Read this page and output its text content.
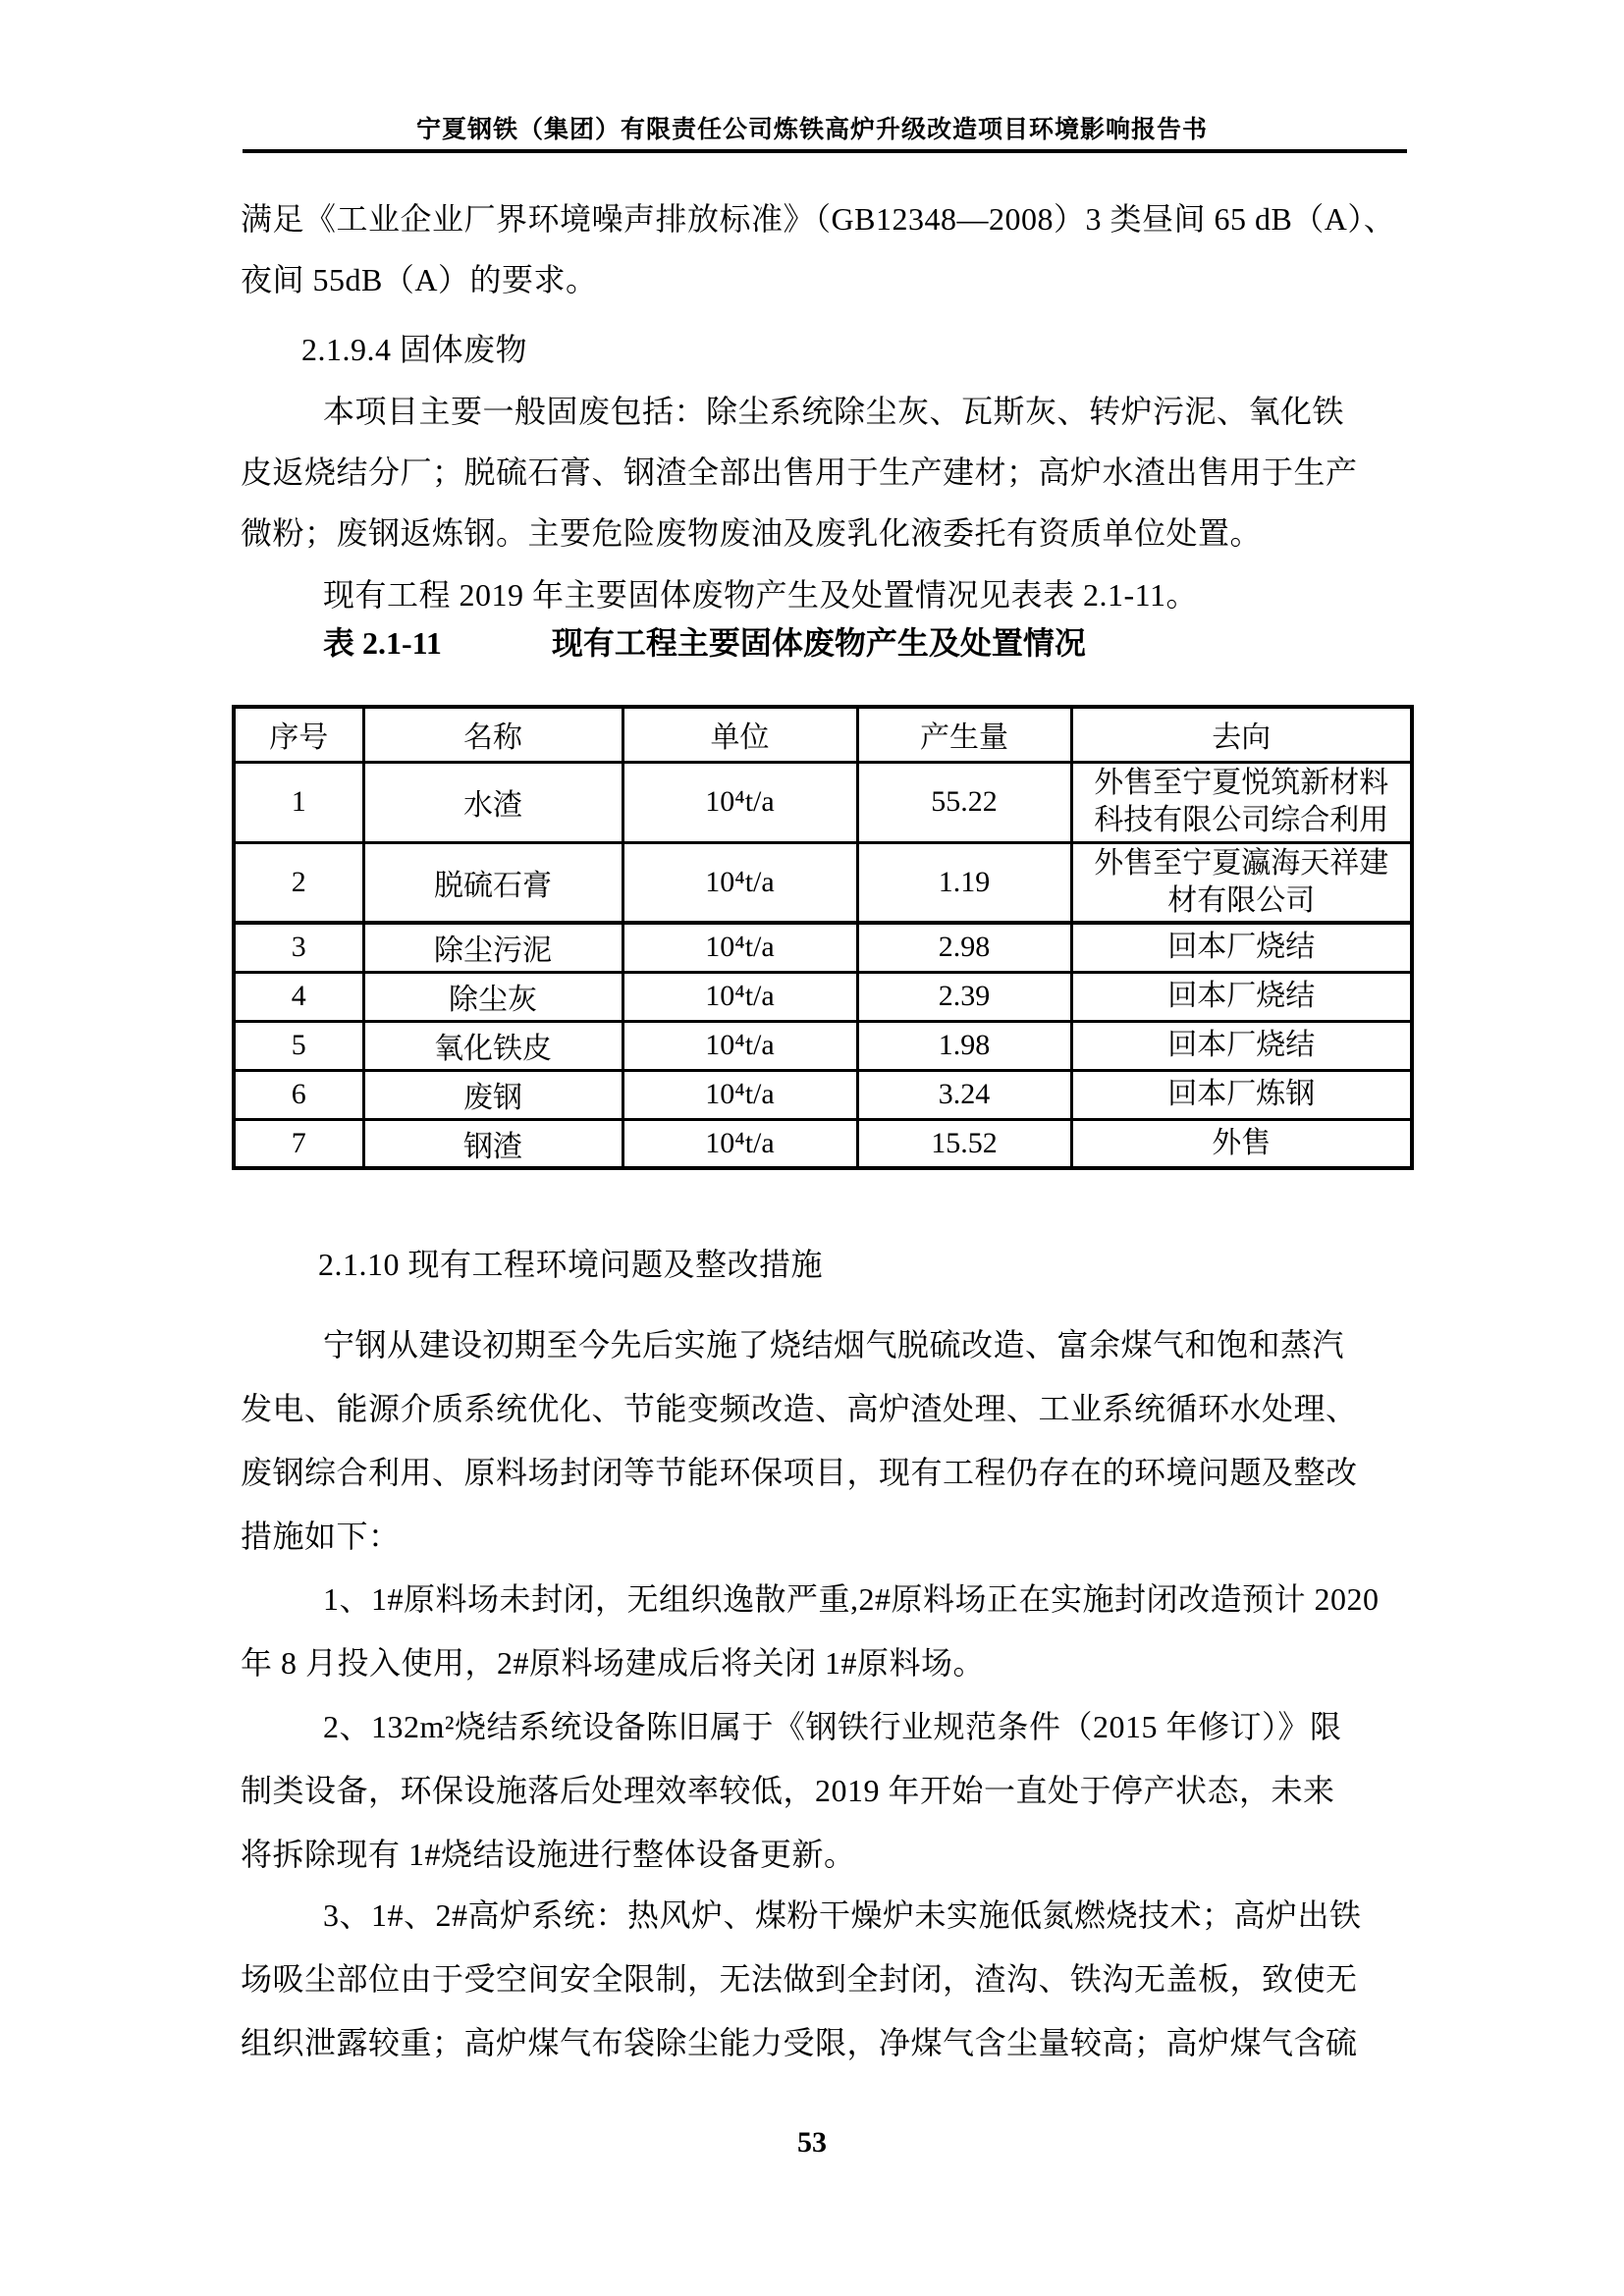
宁夏钢铁（集团）有限责任公司炼铁高炉升级改造项目环境影响报告书
满足《工业企业厂界环境噪声排放标准》（GB12348—2008）3 类昼间 65 dB（A）、
夜间 55dB（A）的要求。
2.1.9.4 固体废物
本项目主要一般固废包括：除尘系统除尘灰、瓦斯灰、转炉污泥、氧化铁
皮返烧结分厂；脱硫石膏、钢渣全部出售用于生产建材；高炉水渣出售用于生产
微粉；废钢返炼钢。主要危险废物废油及废乳化液委托有资质单位处置。
现有工程 2019 年主要固体废物产生及处置情况见表表 2.1-11。
表 2.1-11	现有工程主要固体废物产生及处置情况
序号	名称	单位	产生量	去向
1	水渣	10⁴t/a	55.22	外售至宁夏悦筑新材料科技有限公司综合利用
2	脱硫石膏	10⁴t/a	1.19	外售至宁夏瀛海天祥建材有限公司
3	除尘污泥	10⁴t/a	2.98	回本厂烧结
4	除尘灰	10⁴t/a	2.39	回本厂烧结
5	氧化铁皮	10⁴t/a	1.98	回本厂烧结
6	废钢	10⁴t/a	3.24	回本厂炼钢
7	钢渣	10⁴t/a	15.52	外售
2.1.10 现有工程环境问题及整改措施
宁钢从建设初期至今先后实施了烧结烟气脱硫改造、富余煤气和饱和蒸汽
发电、能源介质系统优化、节能变频改造、高炉渣处理、工业系统循环水处理、
废钢综合利用、原料场封闭等节能环保项目，现有工程仍存在的环境问题及整改
措施如下：
1、1#原料场未封闭，无组织逸散严重,2#原料场正在实施封闭改造预计 2020
年 8 月投入使用，2#原料场建成后将关闭 1#原料场。
2、132m²烧结系统设备陈旧属于《钢铁行业规范条件（2015 年修订）》限
制类设备，环保设施落后处理效率较低，2019 年开始一直处于停产状态，未来
将拆除现有 1#烧结设施进行整体设备更新。
3、1#、2#高炉系统：热风炉、煤粉干燥炉未实施低氮燃烧技术；高炉出铁
场吸尘部位由于受空间安全限制，无法做到全封闭，渣沟、铁沟无盖板，致使无
组织泄露较重；高炉煤气布袋除尘能力受限，净煤气含尘量较高；高炉煤气含硫
53
